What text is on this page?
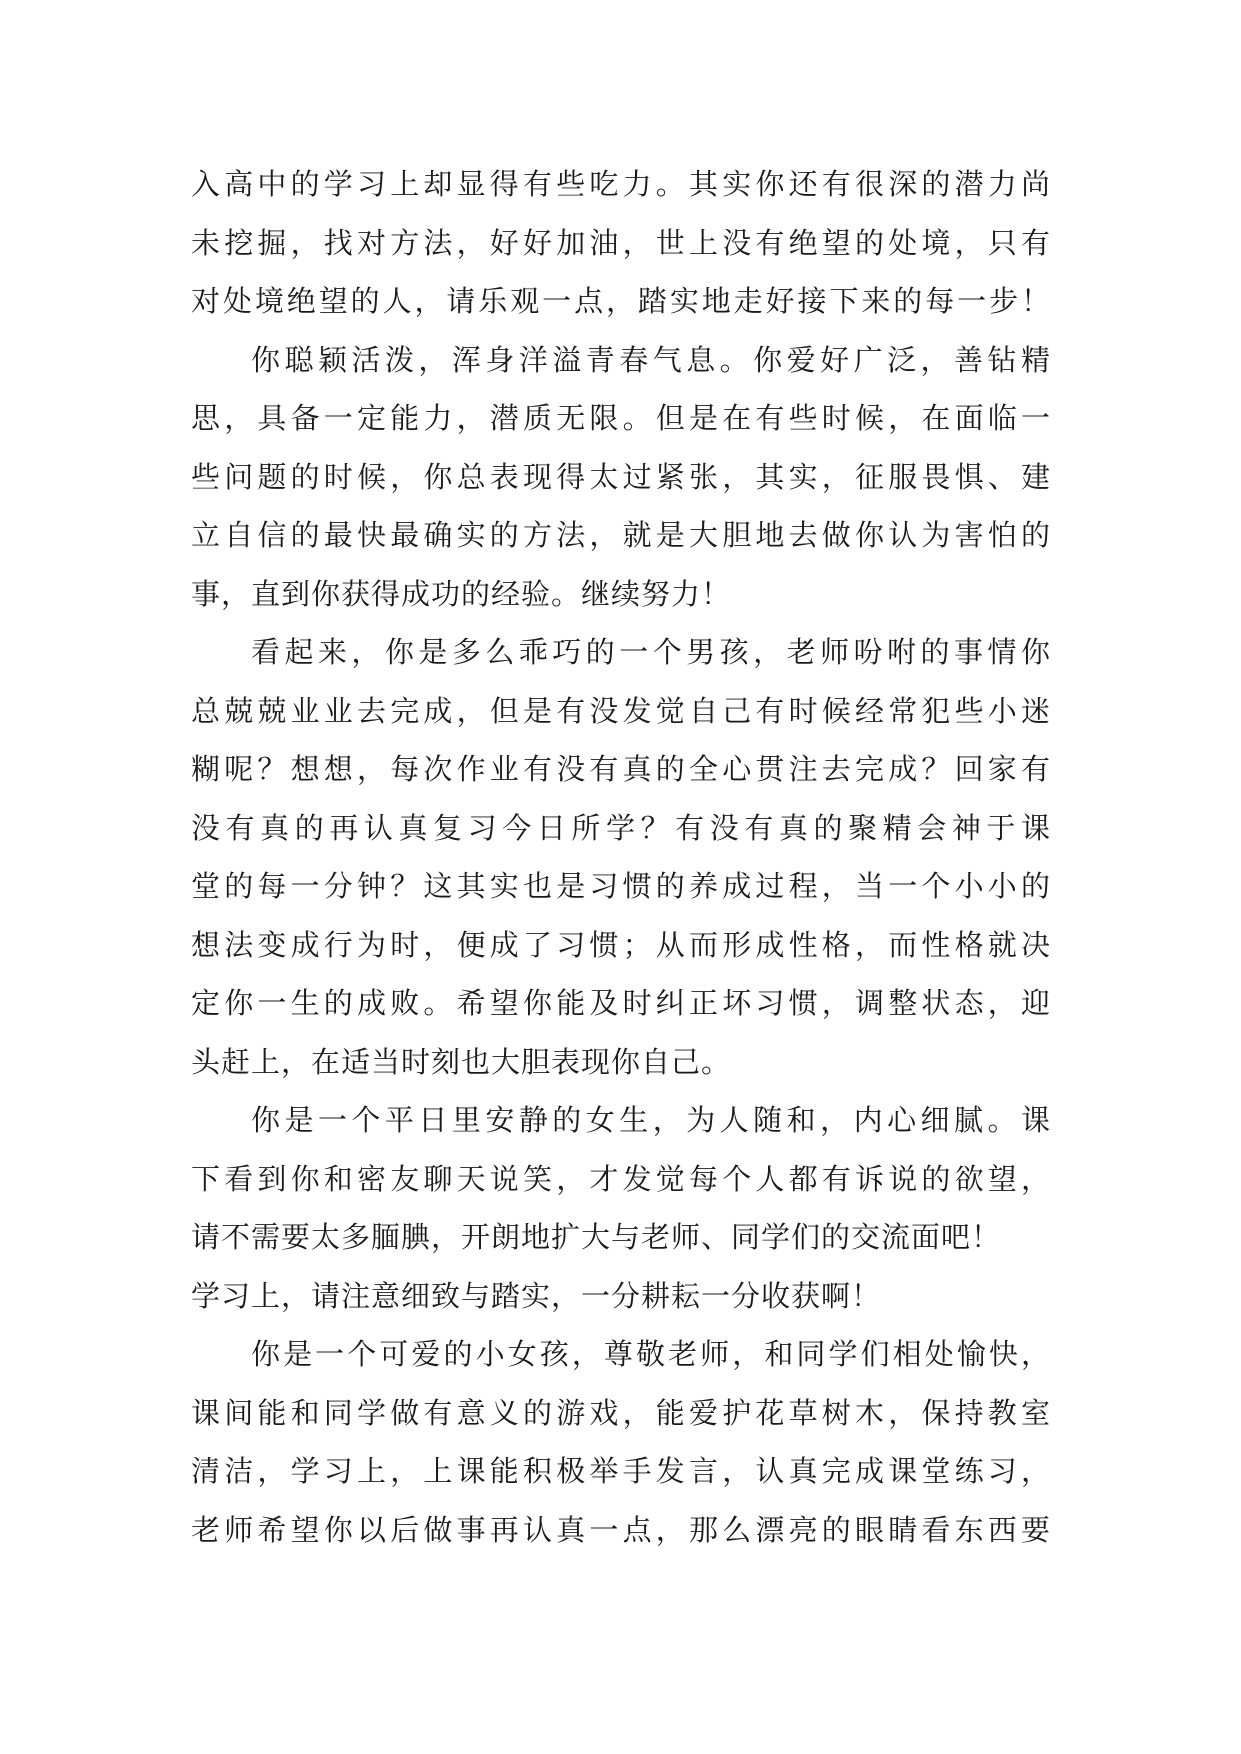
入高中的学习上却显得有些吃力。其实你还有很深的潜力尚
未挖掘，找对方法，好好加油，世上没有绝望的处境，只有
对处境绝望的人，请乐观一点，踏实地走好接下来的每一步！
你聪颖活泼，浑身洋溢青春气息。你爱好广泛，善钻精
思，具备一定能力，潜质无限。但是在有些时候，在面临一
些问题的时候，你总表现得太过紧张，其实，征服畏惧、建
立自信的最快最确实的方法，就是大胆地去做你认为害怕的
事，直到你获得成功的经验。继续努力！
看起来，你是多么乖巧的一个男孩，老师吩咐的事情你
总兢兢业业去完成，但是有没发觉自己有时候经常犯些小迷
糊呢？想想，每次作业有没有真的全心贯注去完成？回家有
没有真的再认真复习今日所学？有没有真的聚精会神于课
堂的每一分钟？这其实也是习惯的养成过程，当一个小小的
想法变成行为时，便成了习惯；从而形成性格，而性格就决
定你一生的成败。希望你能及时纠正坏习惯，调整状态，迎
头赶上，在适当时刻也大胆表现你自己。
你是一个平日里安静的女生，为人随和，内心细腻。课
下看到你和密友聊天说笑，才发觉每个人都有诉说的欲望，
请不需要太多腼腆，开朗地扩大与老师、同学们的交流面吧！
学习上，请注意细致与踏实，一分耕耘一分收获啊！
你是一个可爱的小女孩，尊敬老师，和同学们相处愉快，
课间能和同学做有意义的游戏，能爱护花草树木，保持教室
清洁，学习上，上课能积极举手发言，认真完成课堂练习，
老师希望你以后做事再认真一点，那么漂亮的眼睛看东西要
